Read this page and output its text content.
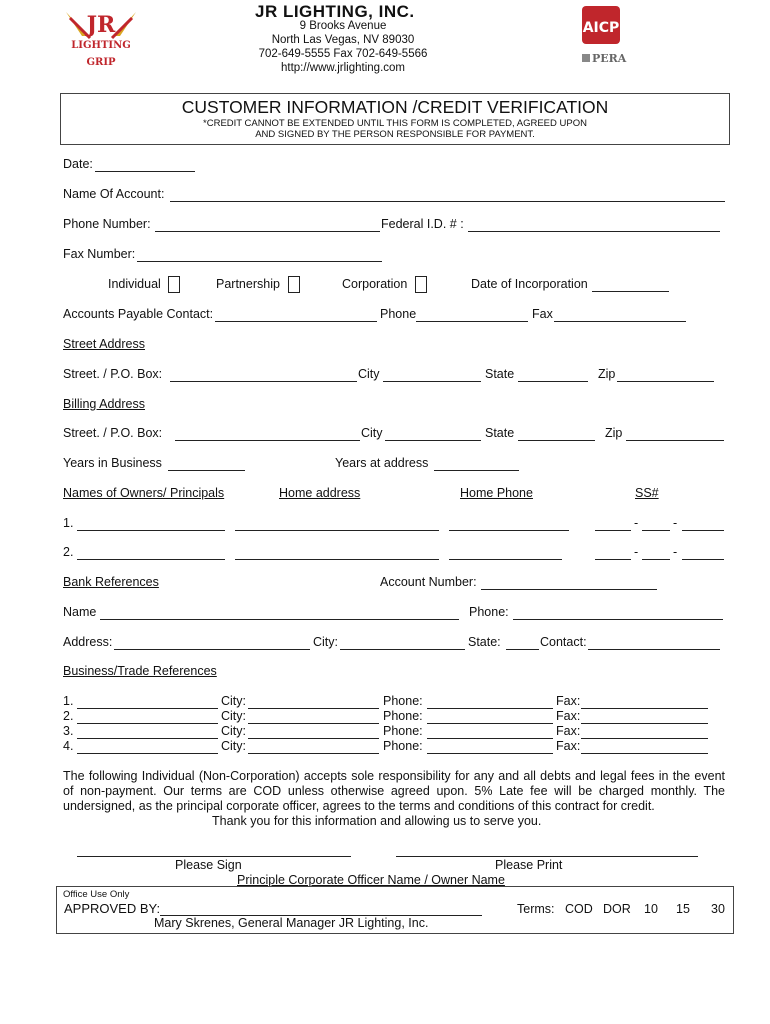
JR
LIGHTING
GRIP
JR LIGHTING, INC.
9 Brooks Avenue
North Las Vegas, NV 89030
702-649-5555 Fax 702-649-5566
http://www.jrlighting.com
AICP
PERA
CUSTOMER INFORMATION /CREDIT VERIFICATION
*CREDIT CANNOT BE EXTENDED UNTIL THIS FORM IS COMPLETED, AGREED UPON
AND SIGNED BY THE PERSON RESPONSIBLE FOR PAYMENT.
Date:
Name Of Account:
Phone Number:	Federal I.D. # :
Fax Number:
Individual	Partnership	Corporation	Date of Incorporation
Accounts Payable Contact:	Phone	Fax
Street Address
Street. / P.O. Box:	City	State	Zip
Billing Address
Street. / P.O. Box:	City	State	Zip
Years in Business	Years at address
Names of Owners/ Principals	Home address	Home Phone	SS#
1.	-	-
2.	-	-
Bank References	Account Number:
Name	Phone:
Address:	City:	State:	Contact:
Business/Trade References
1.	City:	Phone:	Fax:
2.	City:	Phone:	Fax:
3.	City:	Phone:	Fax:
4.	City:	Phone:	Fax:
The following Individual (Non-Corporation) accepts sole responsibility for any and all debts and legal fees in the event of non-payment. Our terms are COD unless otherwise agreed upon. 5% Late fee will be charged monthly. The undersigned, as the principal corporate officer, agrees to the terms and conditions of this contract for credit.
Thank you for this information and allowing us to serve you.
Please Sign	Please Print
Principle Corporate Officer Name / Owner Name
Office Use Only
APPROVED BY:
Mary Skrenes, General Manager JR Lighting, Inc.
Terms: COD DOR 10 15 30
